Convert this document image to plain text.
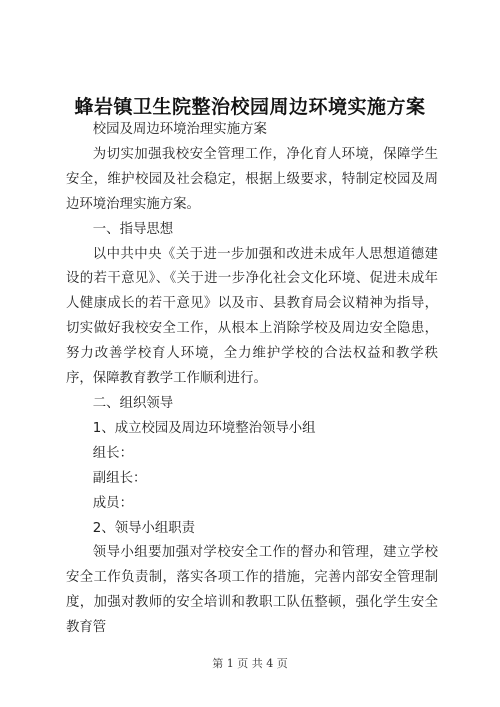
蜂岩镇卫生院整治校园周边环境实施方案

校园及周边环境治理实施方案

为切实加强我校安全管理工作，净化育人环境，保障学生安全，维护校园及社会稳定，根据上级要求，特制定校园及周边环境治理实施方案。

一、指导思想

以中共中央《关于进一步加强和改进未成年人思想道德建设的若干意见》、《关于进一步净化社会文化环境、促进未成年人健康成长的若干意见》以及市、县教育局会议精神为指导，切实做好我校安全工作，从根本上消除学校及周边安全隐患，努力改善学校育人环境，全力维护学校的合法权益和教学秩序，保障教育教学工作顺利进行。

二、组织领导

1、成立校园及周边环境整治领导小组

组长：

副组长：

成员：

2、领导小组职责

领导小组要加强对学校安全工作的督办和管理，建立学校安全工作负责制，落实各项工作的措施，完善内部安全管理制度，加强对教师的安全培训和教职工队伍整顿，强化学生安全教育管

第 1 页 共 4 页
